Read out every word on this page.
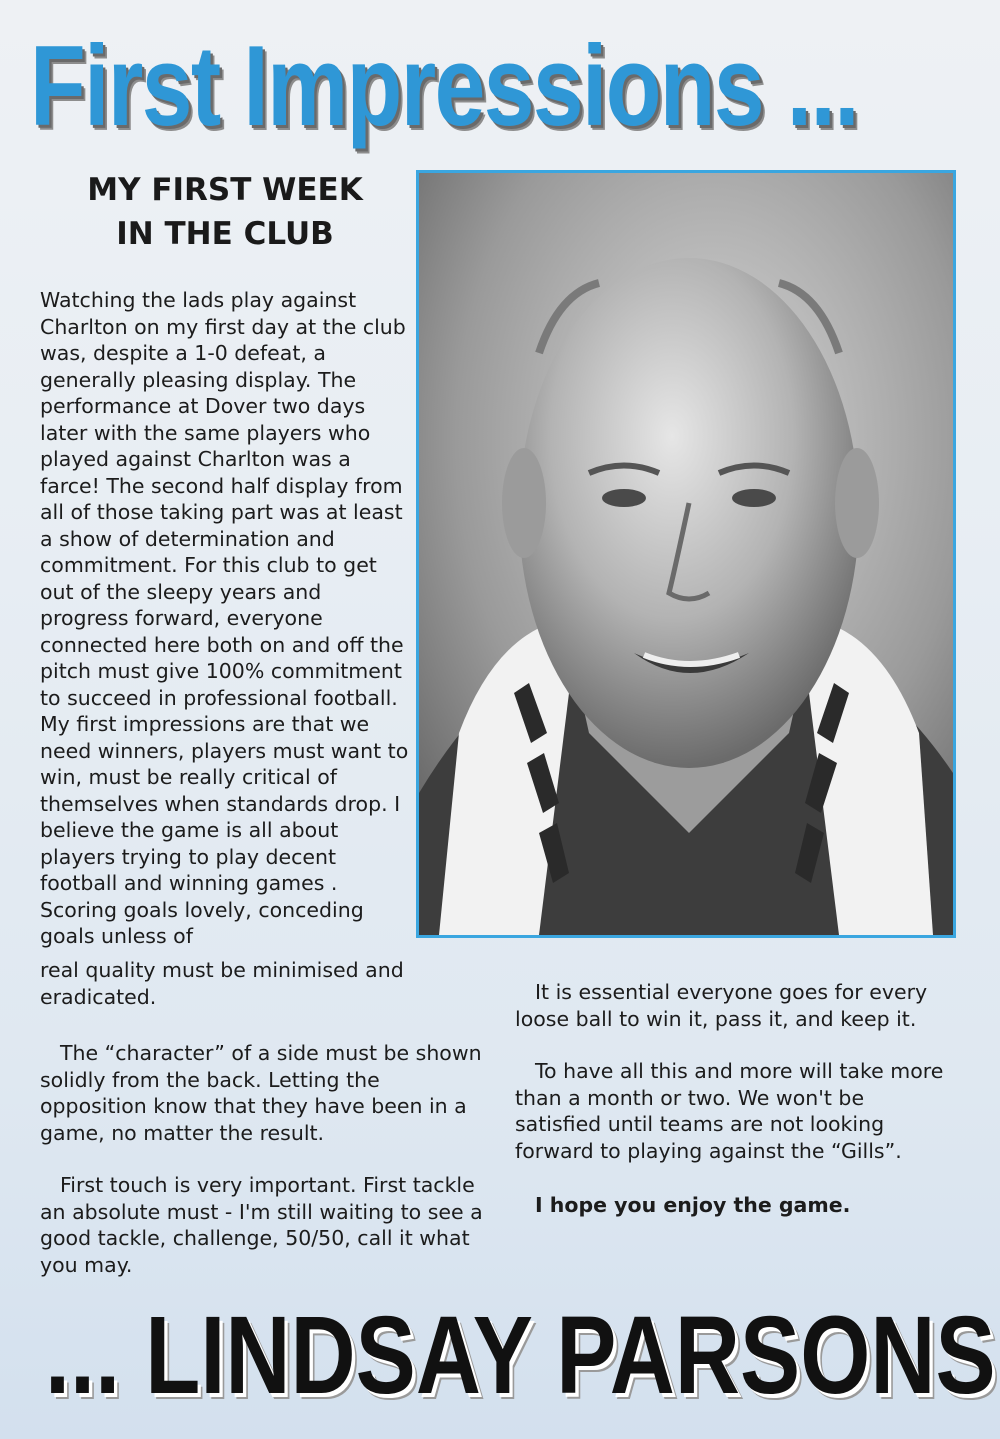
First Impressions ...
MY FIRST WEEK
IN THE CLUB
Watching the lads play against Charlton on my first day at the club was, despite a 1-0 defeat, a generally pleasing display. The performance at Dover two days later with the same players who played against Charlton was a farce! The second half display from all of those taking part was at least a show of determination and commitment. For this club to get out of the sleepy years and progress forward, everyone connected here both on and off the pitch must give 100% commitment to succeed in professional football. My first impressions are that we need winners, players must want to win, must be really critical of themselves when standards drop. I believe the game is all about players trying to play decent football and winning games . Scoring goals lovely, conceding goals unless of
real quality must be minimised and eradicated.

The “character” of a side must be shown solidly from the back. Letting the opposition know that they have been in a game, no matter the result.

First touch is very important. First tackle an absolute must - I'm still waiting to see a good tackle, challenge, 50/50, call it what you may.

It is essential everyone goes for every loose ball to win it, pass it, and keep it.

To have all this and more will take more than a month or two. We won't be satisfied until teams are not looking forward to playing against the “Gills”.

I hope you enjoy the game.

... LINDSAY PARSONS
